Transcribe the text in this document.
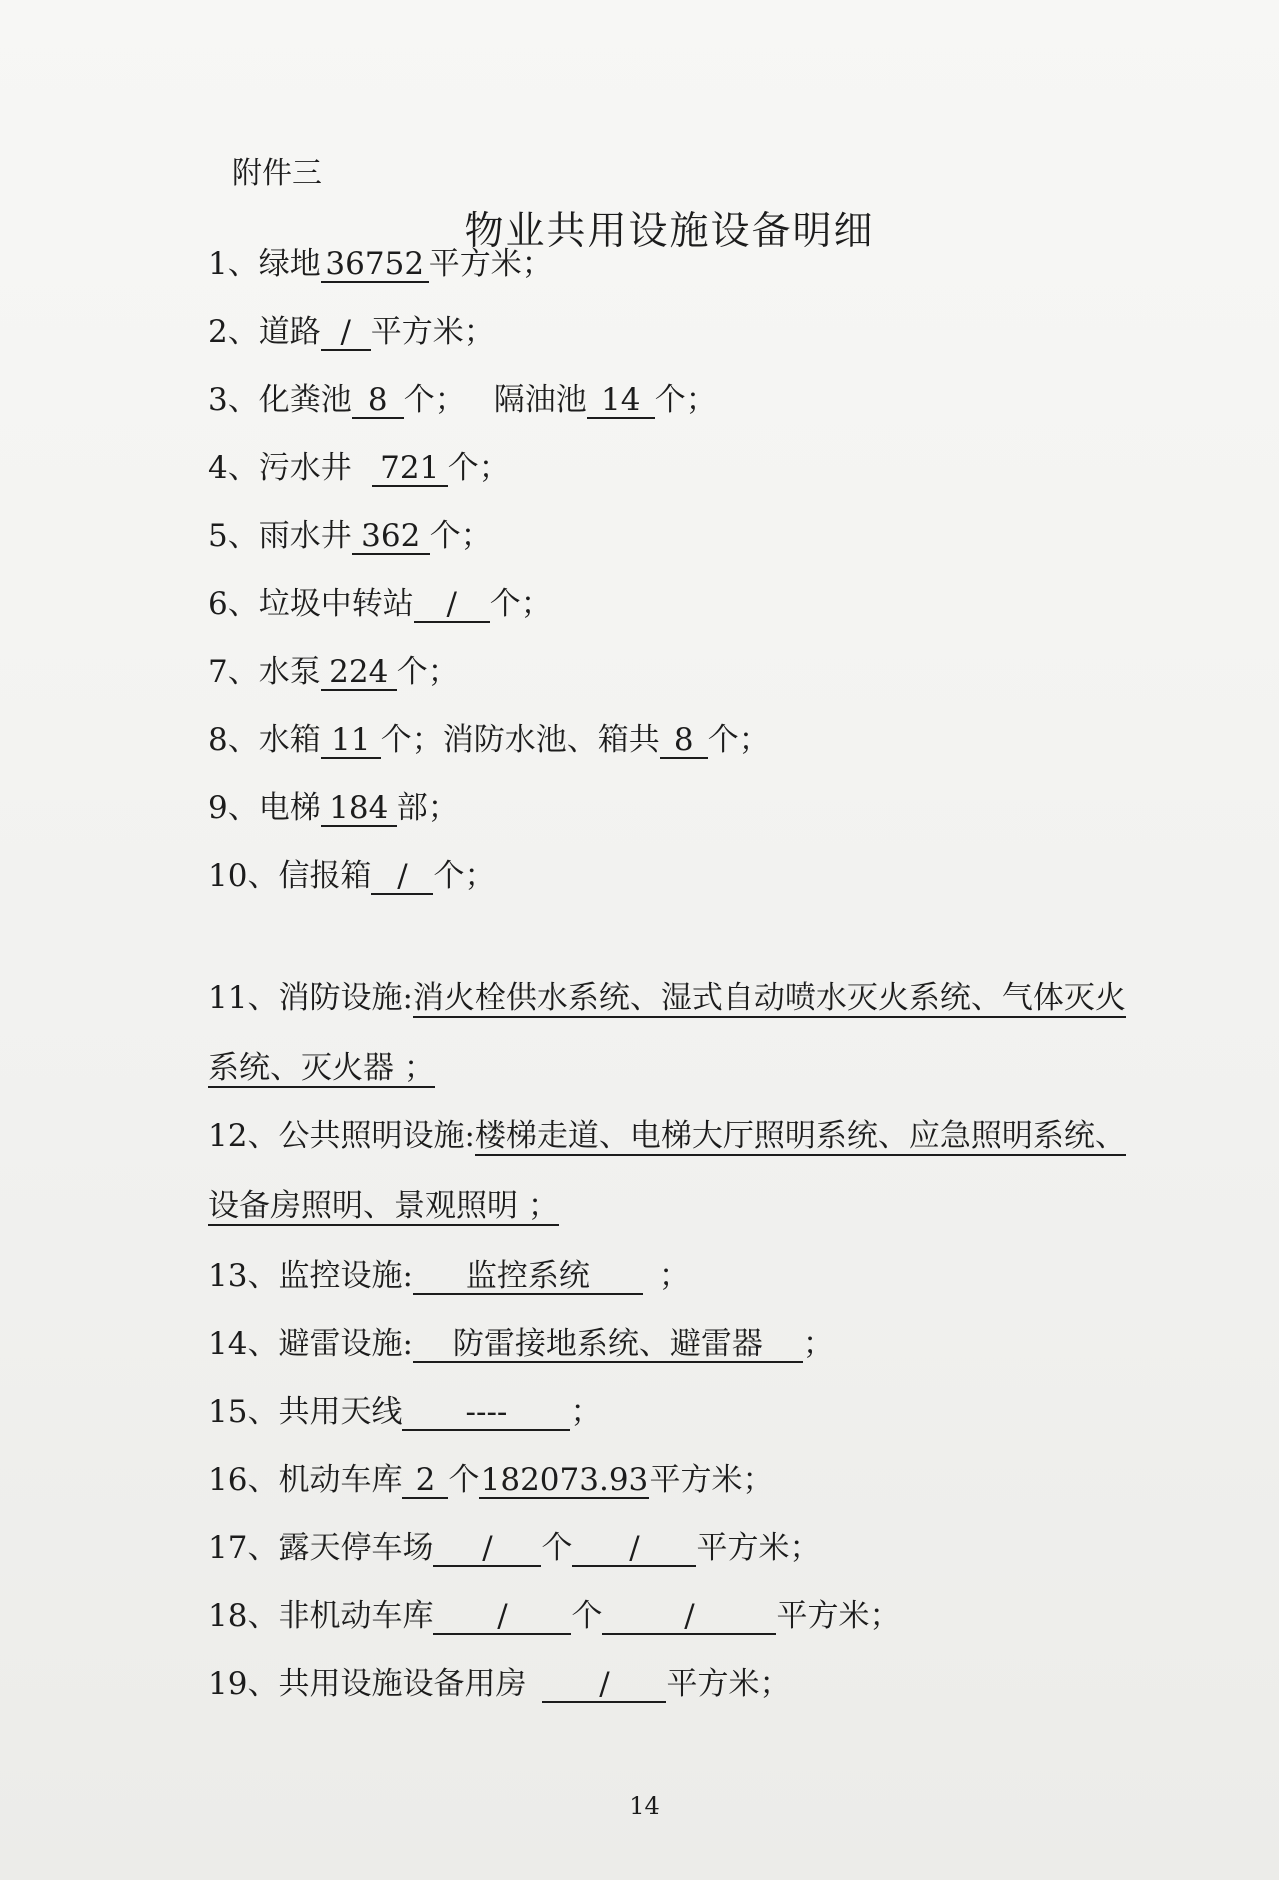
附件三
物业共用设施设备明细
1、绿地 36752 平方米；
2、道路 / 平方米；
3、化粪池 8 个； 隔油池 14 个；
4、污水井 721 个；
5、雨水井 362 个；
6、垃圾中转站 / 个；
7、水泵 224 个；
8、水箱 11 个；消防水池、箱共 8 个；
9、电梯 184 部；
10、信报箱 / 个；
11、消防设施:消火栓供水系统、湿式自动喷水灭火系统、气体灭火
系统、灭火器 ；
12、公共照明设施:楼梯走道、电梯大厅照明系统、应急照明系统、
设备房照明、景观照明 ；
13、监控设施: 监控系统 ；
14、避雷设施: 防雷接地系统、避雷器 ；
15、共用天线 ---- ；
16、机动车库 2 个182073.93平方米；
17、露天停车场 / 个 / 平方米；
18、非机动车库 / 个	/	平方米；
19、共用设施设备用房 / 平方米；
14
